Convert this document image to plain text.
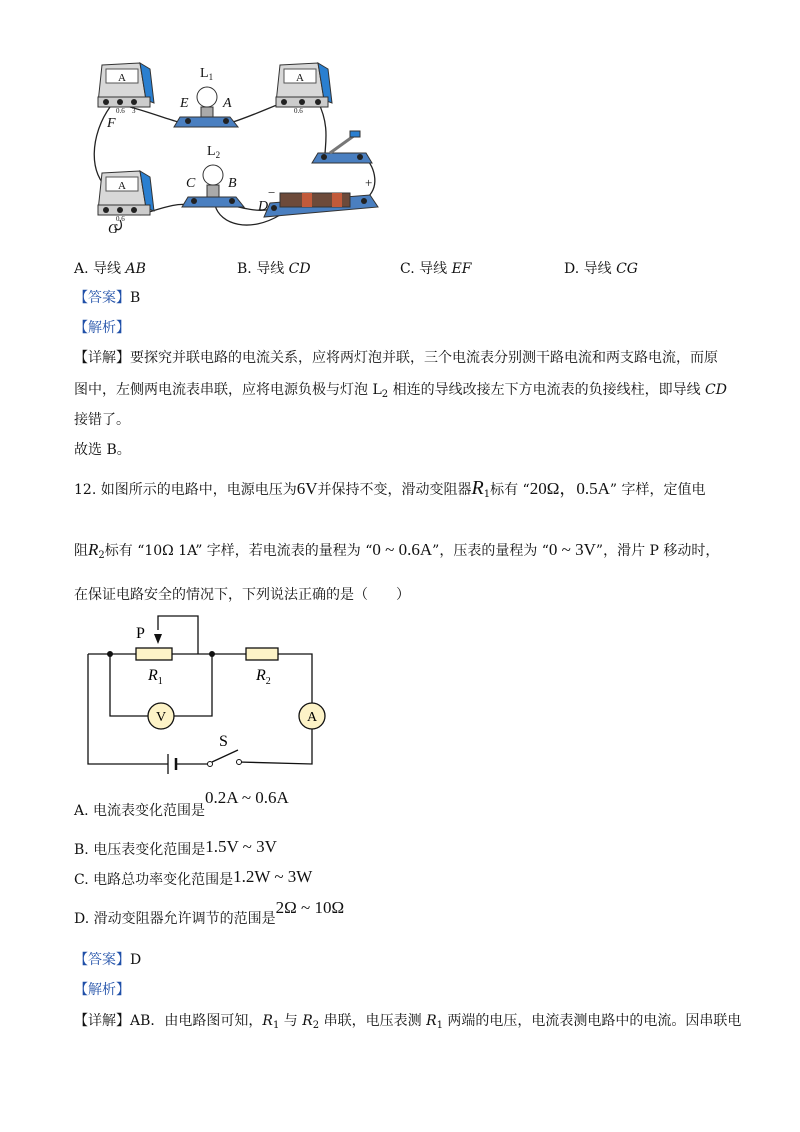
$L_1$
$L_2$
E A
F
C B
D
G
A	A
A
0.6 3	0.6
0.6
−
+
A. 导线 AB	B. 导线 CD	C. 导线 EF	D. 导线 CG
【答案】B
【解析】
【详解】要探究并联电路的电流关系，应将两灯泡并联，三个电流表分别测干路电流和两支路电流，而原
图中，左侧两电流表串联，应将电源负极与灯泡 $L_2$ 相连的导线改接左下方电流表的负接线柱，即导线 CD
接错了。
故选 B。
12. 如图所示的电路中，电源电压为6V并保持不变，滑动变阻器$R_1$标有 “20Ω，0.5A” 字样，定值电
阻$R_2$标有 “10Ω 1A” 字样，若电流表的量程为 “0 ~ 0.6A”，压表的量程为 “0 ~ 3V”，滑片 P 移动时，
在保证电路安全的情况下，下列说法正确的是（　　）
P
$R_1$	$R_2$
V	A
S
A. 电流表变化范围是0.2A ~ 0.6A
B. 电压表变化范围是1.5V ~ 3V
C. 电路总功率变化范围是1.2W ~ 3W
D. 滑动变阻器允许调节的范围是2Ω ~ 10Ω
【答案】D
【解析】
【详解】AB．由电路图可知，$R_1$ 与 $R_2$ 串联，电压表测 $R_1$ 两端的电压，电流表测电路中的电流。因串联电
